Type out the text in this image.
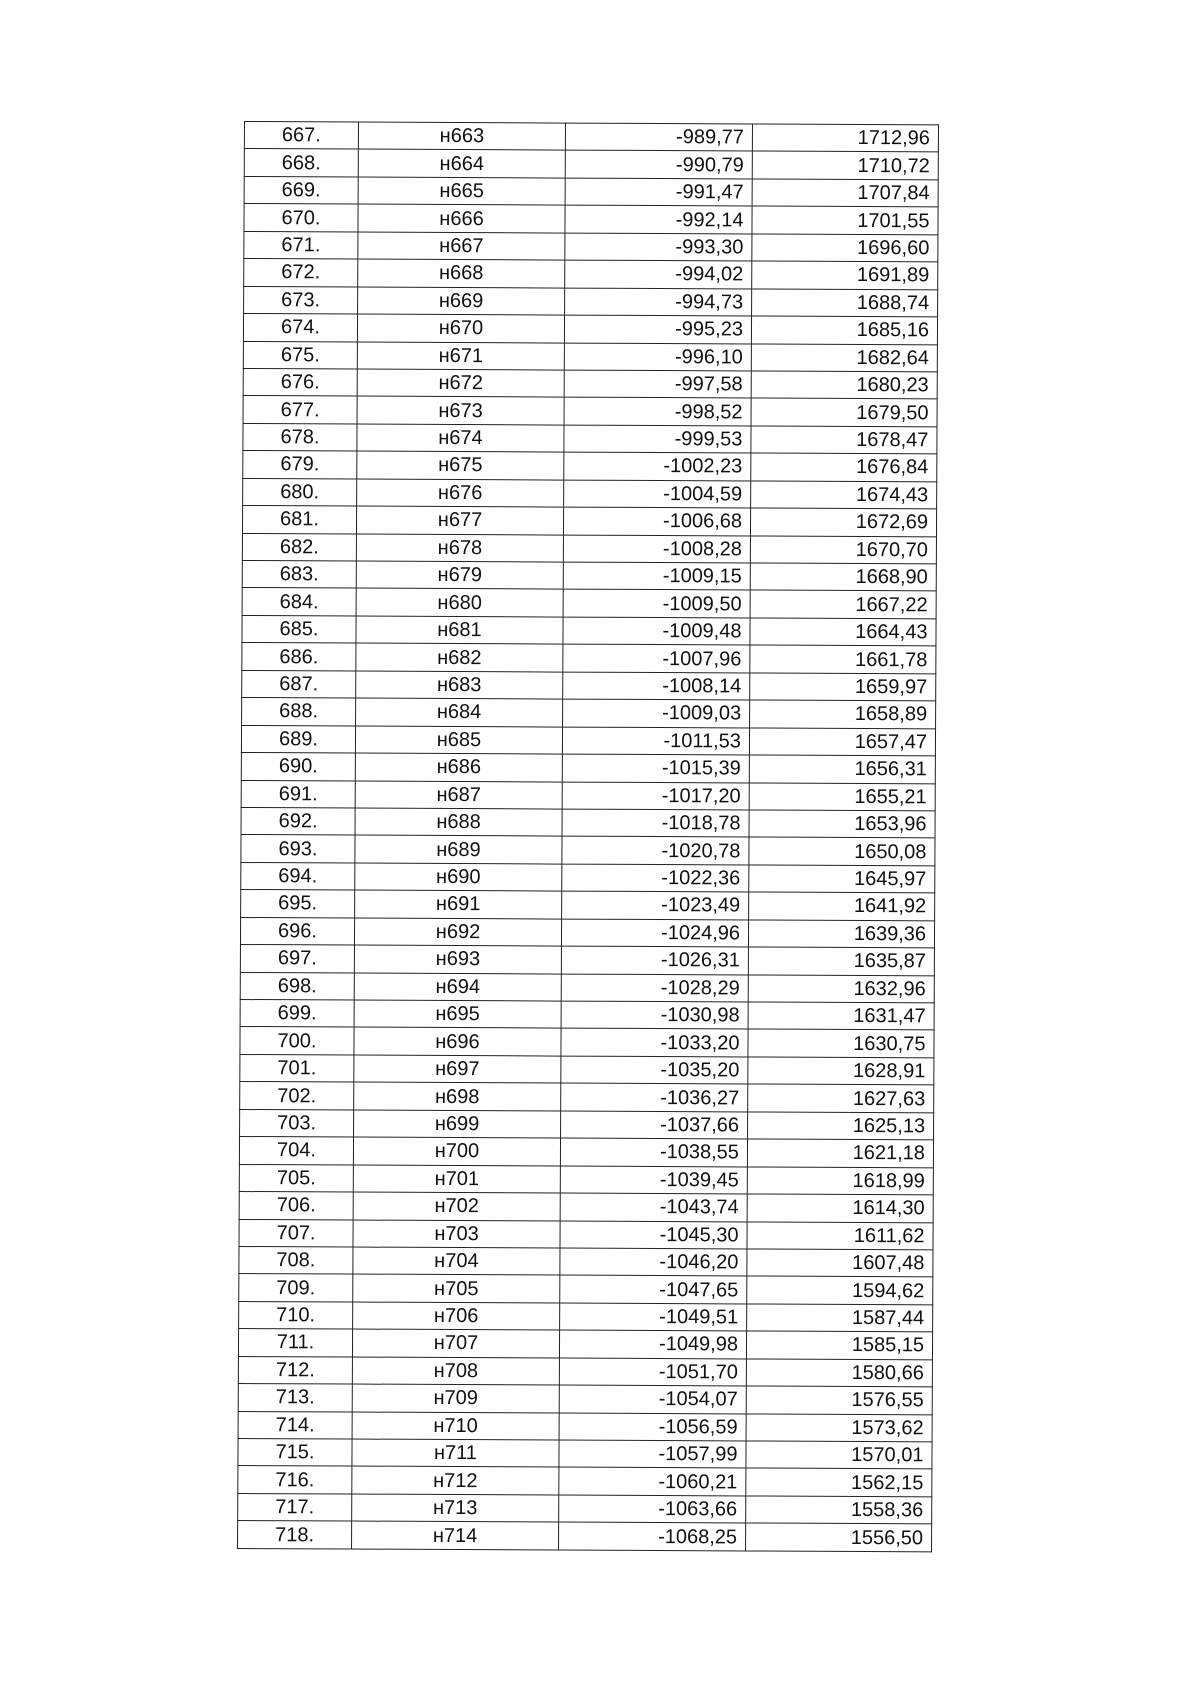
667.	н663	-989,77	1712,96
668.	н664	-990,79	1710,72
669.	н665	-991,47	1707,84
670.	н666	-992,14	1701,55
671.	н667	-993,30	1696,60
672.	н668	-994,02	1691,89
673.	н669	-994,73	1688,74
674.	н670	-995,23	1685,16
675.	н671	-996,10	1682,64
676.	н672	-997,58	1680,23
677.	н673	-998,52	1679,50
678.	н674	-999,53	1678,47
679.	н675	-1002,23	1676,84
680.	н676	-1004,59	1674,43
681.	н677	-1006,68	1672,69
682.	н678	-1008,28	1670,70
683.	н679	-1009,15	1668,90
684.	н680	-1009,50	1667,22
685.	н681	-1009,48	1664,43
686.	н682	-1007,96	1661,78
687.	н683	-1008,14	1659,97
688.	н684	-1009,03	1658,89
689.	н685	-1011,53	1657,47
690.	н686	-1015,39	1656,31
691.	н687	-1017,20	1655,21
692.	н688	-1018,78	1653,96
693.	н689	-1020,78	1650,08
694.	н690	-1022,36	1645,97
695.	н691	-1023,49	1641,92
696.	н692	-1024,96	1639,36
697.	н693	-1026,31	1635,87
698.	н694	-1028,29	1632,96
699.	н695	-1030,98	1631,47
700.	н696	-1033,20	1630,75
701.	н697	-1035,20	1628,91
702.	н698	-1036,27	1627,63
703.	н699	-1037,66	1625,13
704.	н700	-1038,55	1621,18
705.	н701	-1039,45	1618,99
706.	н702	-1043,74	1614,30
707.	н703	-1045,30	1611,62
708.	н704	-1046,20	1607,48
709.	н705	-1047,65	1594,62
710.	н706	-1049,51	1587,44
711.	н707	-1049,98	1585,15
712.	н708	-1051,70	1580,66
713.	н709	-1054,07	1576,55
714.	н710	-1056,59	1573,62
715.	н711	-1057,99	1570,01
716.	н712	-1060,21	1562,15
717.	н713	-1063,66	1558,36
718.	н714	-1068,25	1556,50
